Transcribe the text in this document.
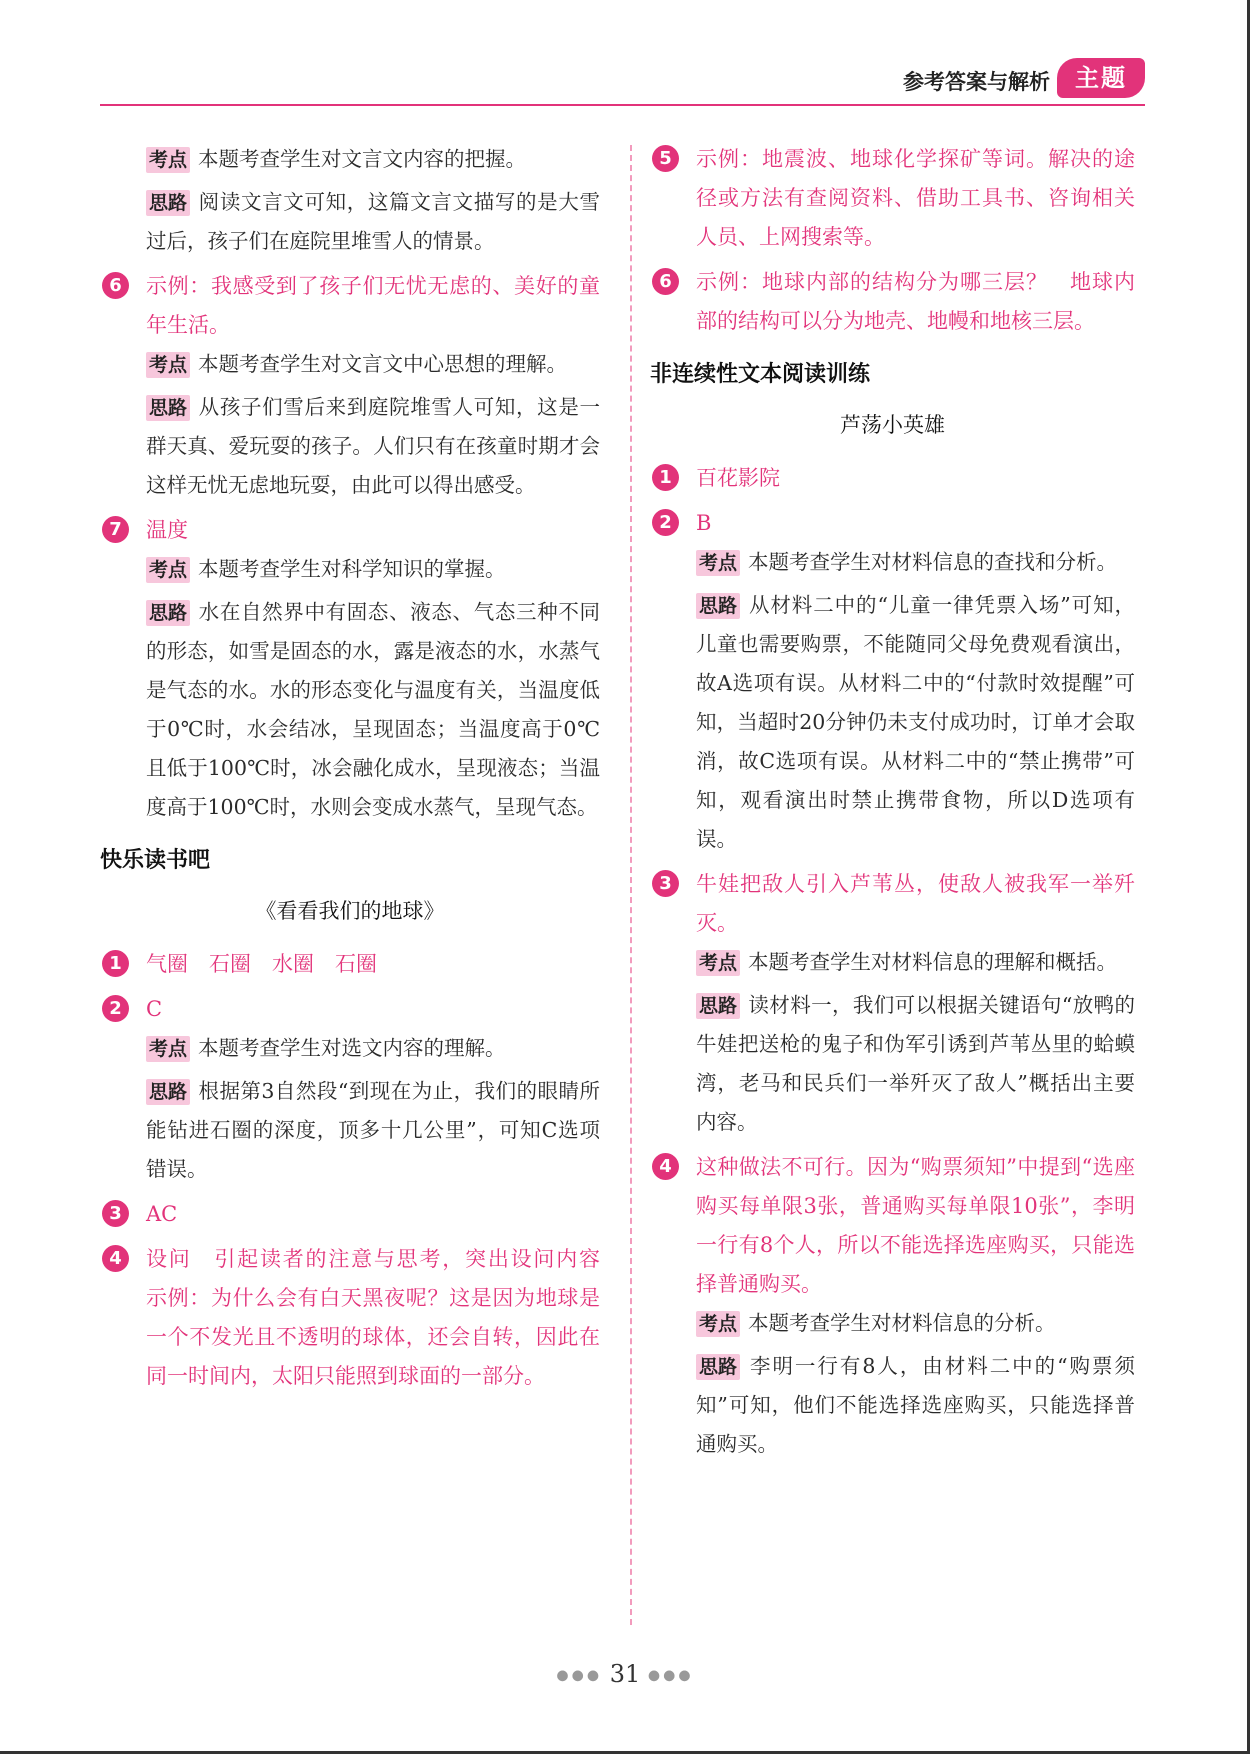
参考答案与解析	主题
考点 本题考查学生对文言文内容的把握。
思路 阅读文言文可知，这篇文言文描写的是大雪过后，孩子们在庭院里堆雪人的情景。
6	示例：我感受到了孩子们无忧无虑的、美好的童年生活。
考点 本题考查学生对文言文中心思想的理解。
思路 从孩子们雪后来到庭院堆雪人可知，这是一群天真、爱玩耍的孩子。人们只有在孩童时期才会这样无忧无虑地玩耍，由此可以得出感受。
7	温度
考点 本题考查学生对科学知识的掌握。
思路 水在自然界中有固态、液态、气态三种不同的形态，如雪是固态的水，露是液态的水，水蒸气是气态的水。水的形态变化与温度有关，当温度低于0℃时，水会结冰，呈现固态；当温度高于0℃且低于100℃时，冰会融化成水，呈现液态；当温度高于100℃时，水则会变成水蒸气，呈现气态。
快乐读书吧
《看看我们的地球》
1	气圈　石圈　水圈　石圈
2	C
考点 本题考查学生对选文内容的理解。
思路 根据第3自然段“到现在为止，我们的眼睛所能钻进石圈的深度，顶多十几公里”，可知C选项错误。
3	AC
4	设问　引起读者的注意与思考，突出设问内容　示例：为什么会有白天黑夜呢？这是因为地球是一个不发光且不透明的球体，还会自转，因此在同一时间内，太阳只能照到球面的一部分。
5	示例：地震波、地球化学探矿等词。解决的途径或方法有查阅资料、借助工具书、咨询相关人员、上网搜索等。
6	示例：地球内部的结构分为哪三层？　地球内部的结构可以分为地壳、地幔和地核三层。
非连续性文本阅读训练
芦荡小英雄
1	百花影院
2	B
考点 本题考查学生对材料信息的查找和分析。
思路 从材料二中的“儿童一律凭票入场”可知，儿童也需要购票，不能随同父母免费观看演出，故A选项有误。从材料二中的“付款时效提醒”可知，当超时20分钟仍未支付成功时，订单才会取消，故C选项有误。从材料二中的“禁止携带”可知，观看演出时禁止携带食物，所以D选项有误。
3	牛娃把敌人引入芦苇丛，使敌人被我军一举歼灭。
考点 本题考查学生对材料信息的理解和概括。
思路 读材料一，我们可以根据关键语句“放鸭的牛娃把送枪的鬼子和伪军引诱到芦苇丛里的蛤蟆湾，老马和民兵们一举歼灭了敌人”概括出主要内容。
4	这种做法不可行。因为“购票须知”中提到“选座购买每单限3张，普通购买每单限10张”，李明一行有8个人，所以不能选择选座购买，只能选择普通购买。
考点 本题考查学生对材料信息的分析。
思路 李明一行有8人，由材料二中的“购票须知”可知，他们不能选择选座购买，只能选择普通购买。
●●● 31 ●●●
